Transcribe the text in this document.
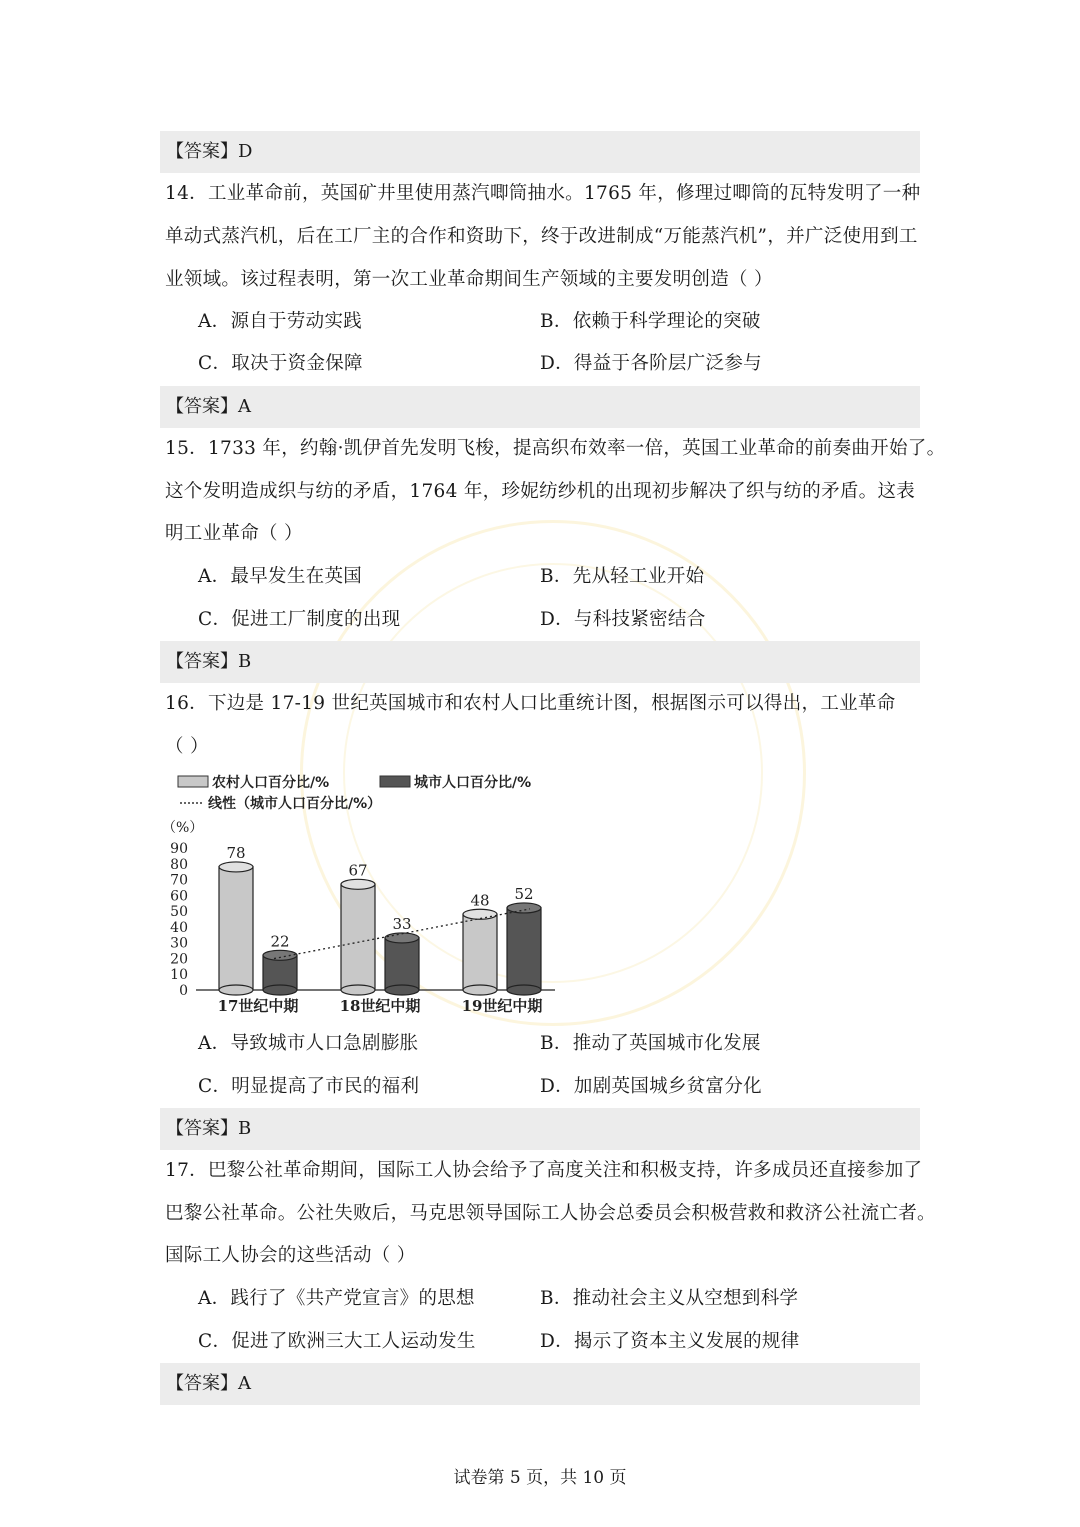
【答案】D
14．工业革命前，英国矿井里使用蒸汽唧筒抽水。1765 年，修理过唧筒的瓦特发明了一种
单动式蒸汽机，后在工厂主的合作和资助下，终于改进制成“万能蒸汽机”，并广泛使用到工
业领域。该过程表明，第一次工业革命期间生产领域的主要发明创造（ ）
A．源自于劳动实践	B．依赖于科学理论的突破
C．取决于资金保障	D．得益于各阶层广泛参与
【答案】A
15．1733 年，约翰·凯伊首先发明飞梭，提高织布效率一倍，英国工业革命的前奏曲开始了。
这个发明造成织与纺的矛盾，1764 年，珍妮纺纱机的出现初步解决了织与纺的矛盾。这表
明工业革命（ ）
A．最早发生在英国	B．先从轻工业开始
C．促进工厂制度的出现	D．与科技紧密结合
【答案】B
16．下边是 17-19 世纪英国城市和农村人口比重统计图，根据图示可以得出，工业革命
（ ）
农村人口百分比/%	城市人口百分比/%
线性（城市人口百分比/%）
（%）
0
10
20
30
40
50
60
70
80
90	78
22
67
33
48 52
17世纪中期	18世纪中期	19世纪中期
A．导致城市人口急剧膨胀	B．推动了英国城市化发展
C．明显提高了市民的福利	D．加剧英国城乡贫富分化
【答案】B
17．巴黎公社革命期间，国际工人协会给予了高度关注和积极支持，许多成员还直接参加了
巴黎公社革命。公社失败后，马克思领导国际工人协会总委员会积极营救和救济公社流亡者。
国际工人协会的这些活动（ ）
A．践行了《共产党宣言》的思想	B．推动社会主义从空想到科学
C．促进了欧洲三大工人运动发生	D．揭示了资本主义发展的规律
【答案】A
试卷第 5 页，共 10 页
